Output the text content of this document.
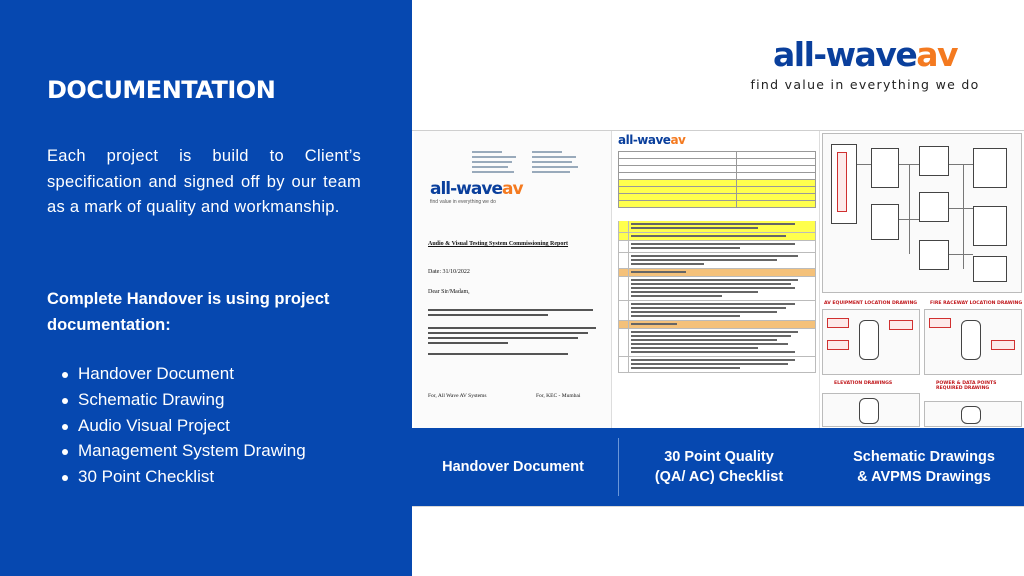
DOCUMENTATION

Each project is build to Client’s specification and signed off by our team as a mark of quality and workmanship.

Complete Handover is using project documentation:

Handover Document
Schematic Drawing
Audio Visual Project
Management System Drawing
30 Point Checklist
all-waveav
find value in everything we do
all-waveav
find value in everything we do
Audio & Visual Testing System Commissioning Report
Date: 31/10/2022
Dear Sir/Madam,
For, All Wave AV Systems	For, KEC - Mumbai
all-waveav

AV EQUIPMENT LOCATION DRAWING	FIRE RACEWAY LOCATION DRAWING
ELEVATION DRAWINGS	POWER & DATA POINTS REQUIRED DRAWING
Handover Document
30 Point Quality
(QA/ AC) Checklist
Schematic Drawings
& AVPMS Drawings
